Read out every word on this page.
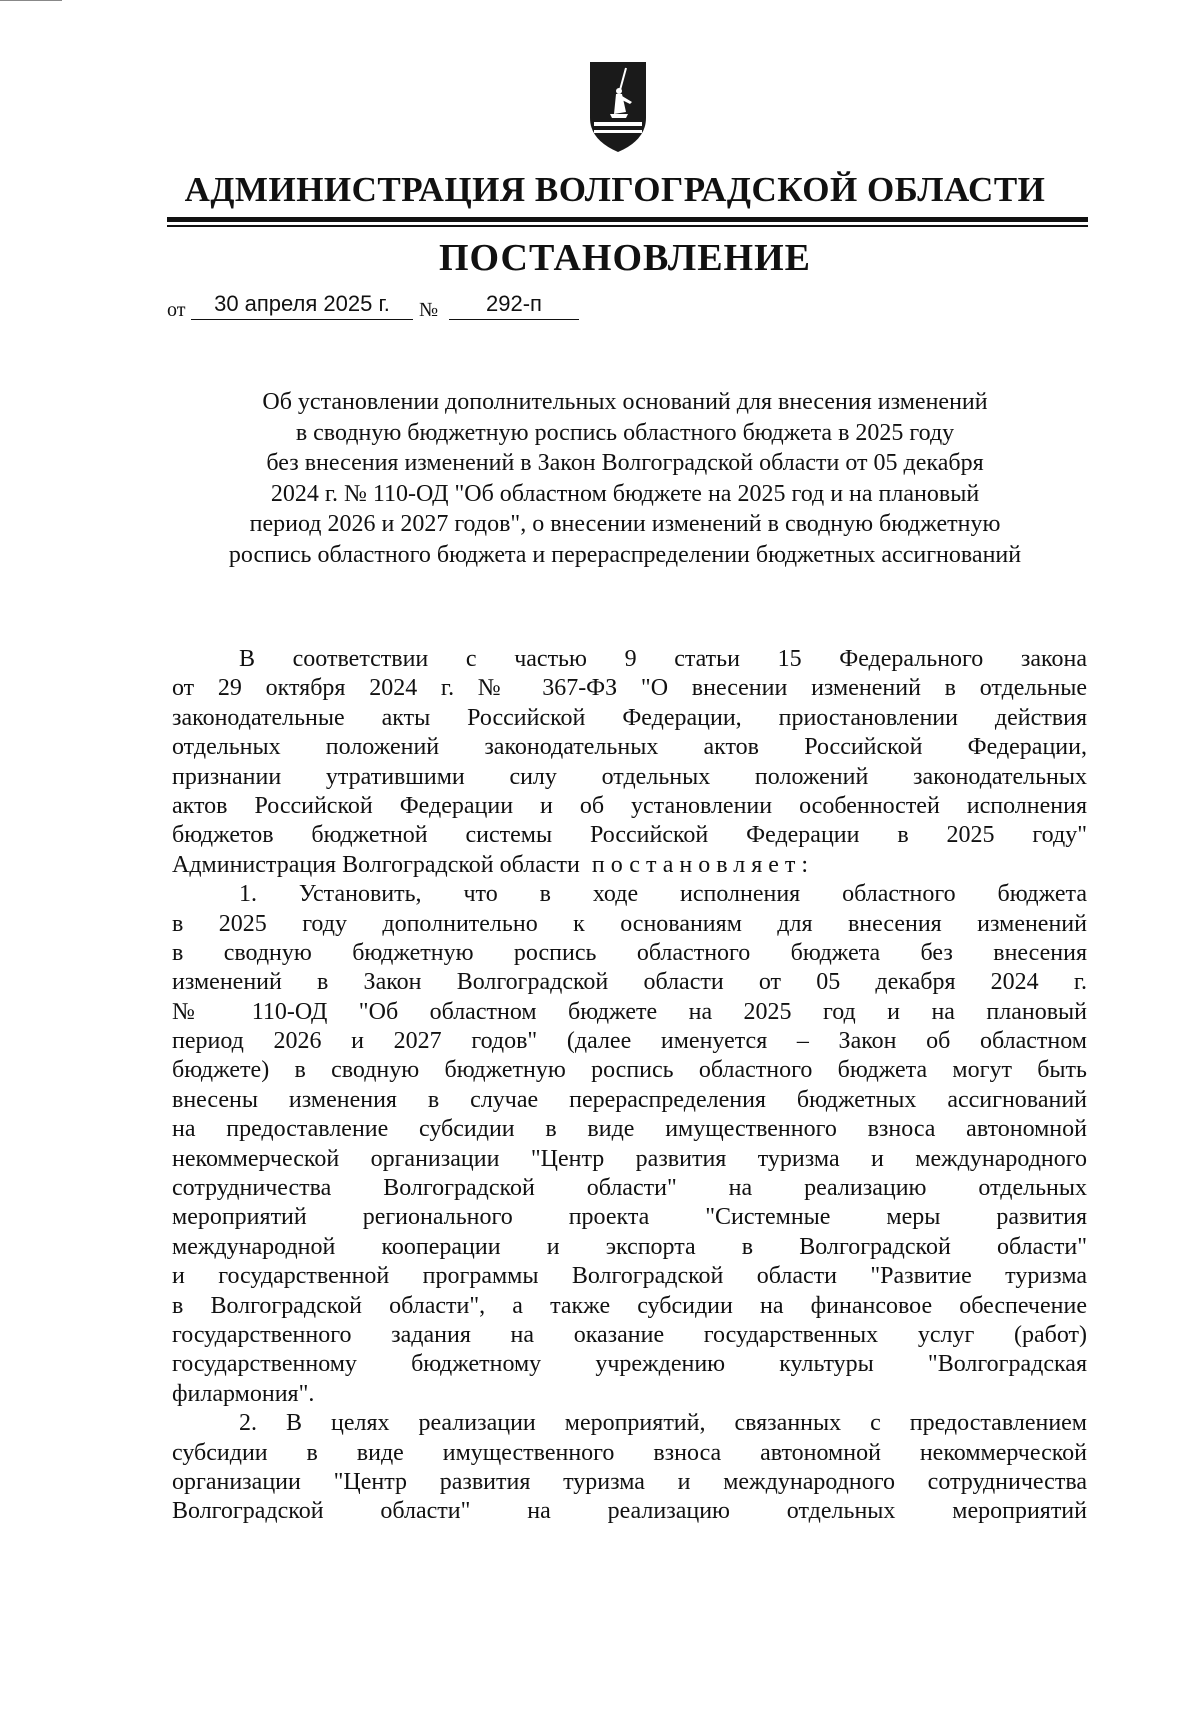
АДМИНИСТРАЦИЯ ВОЛГОГРАДСКОЙ ОБЛАСТИ
ПОСТАНОВЛЕНИЕ
от	30 апреля 2025 г.	№	292-п
Об установлении дополнительных оснований для внесения изменений
в сводную бюджетную роспись областного бюджета в 2025 году
без внесения изменений в Закон Волгоградской области от 05 декабря
2024 г. № 110-ОД "Об областном бюджете на 2025 год и на плановый
период 2026 и 2027 годов", о внесении изменений в сводную бюджетную
роспись областного бюджета и перераспределении бюджетных ассигнований
В соответствии с частью 9 статьи 15 Федерального закона
от 29 октября 2024 г. № 367-ФЗ "О внесении изменений в отдельные
законодательные акты Российской Федерации, приостановлении действия
отдельных положений законодательных актов Российской Федерации,
признании утратившими силу отдельных положений законодательных
актов Российской Федерации и об установлении особенностей исполнения
бюджетов бюджетной системы Российской Федерации в 2025 году"
Администрация Волгоградской области постановляет:
1. Установить, что в ходе исполнения областного бюджета
в 2025 году дополнительно к основаниям для внесения изменений
в сводную бюджетную роспись областного бюджета без внесения
изменений в Закон Волгоградской области от 05 декабря 2024 г.
№ 110-ОД "Об областном бюджете на 2025 год и на плановый
период 2026 и 2027 годов" (далее именуется – Закон об областном
бюджете) в сводную бюджетную роспись областного бюджета могут быть
внесены изменения в случае перераспределения бюджетных ассигнований
на предоставление субсидии в виде имущественного взноса автономной
некоммерческой организации "Центр развития туризма и международного
сотрудничества Волгоградской области" на реализацию отдельных
мероприятий регионального проекта "Системные меры развития
международной кооперации и экспорта в Волгоградской области"
и государственной программы Волгоградской области "Развитие туризма
в Волгоградской области", а также субсидии на финансовое обеспечение
государственного задания на оказание государственных услуг (работ)
государственному бюджетному учреждению культуры "Волгоградская
филармония".
2. В целях реализации мероприятий, связанных с предоставлением
субсидии в виде имущественного взноса автономной некоммерческой
организации "Центр развития туризма и международного сотрудничества
Волгоградской области" на реализацию отдельных мероприятий
